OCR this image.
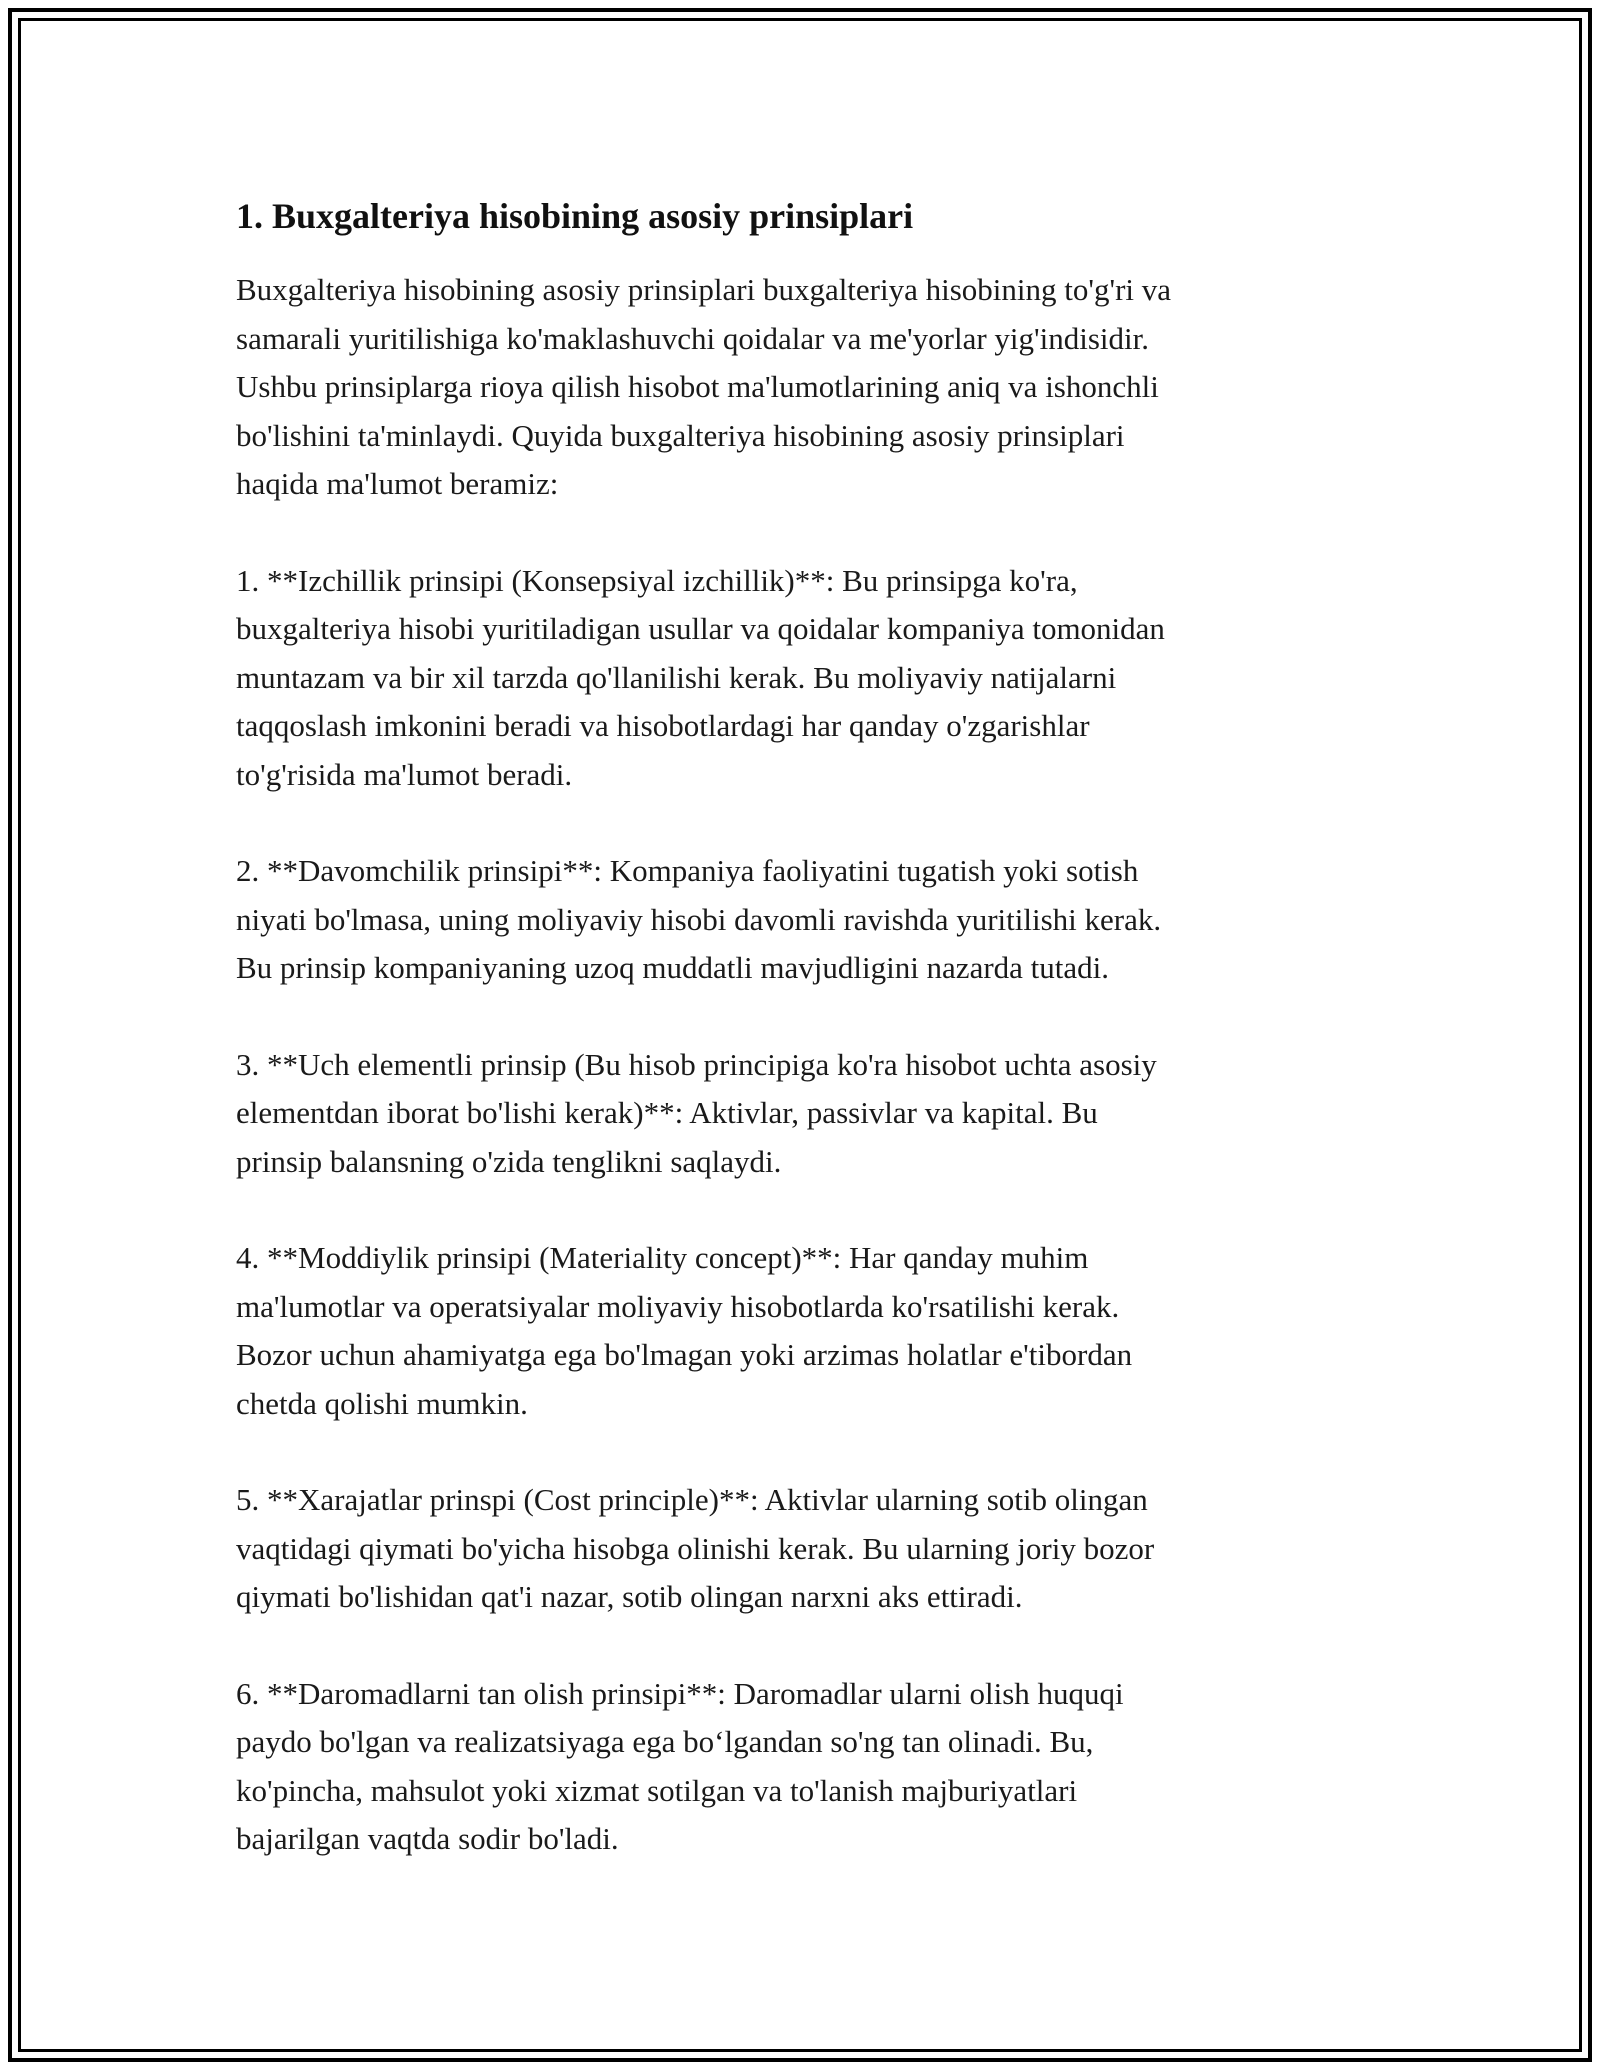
1. Buxgalteriya hisobining asosiy prinsiplari

Buxgalteriya hisobining asosiy prinsiplari buxgalteriya hisobining to'g'ri va
samarali yuritilishiga ko'maklashuvchi qoidalar va me'yorlar yig'indisidir.
Ushbu prinsiplarga rioya qilish hisobot ma'lumotlarining aniq va ishonchli
bo'lishini ta'minlaydi. Quyida buxgalteriya hisobining asosiy prinsiplari
haqida ma'lumot beramiz:

1. **Izchillik prinsipi (Konsepsiyal izchillik)**: Bu prinsipga ko'ra,
buxgalteriya hisobi yuritiladigan usullar va qoidalar kompaniya tomonidan
muntazam va bir xil tarzda qo'llanilishi kerak. Bu moliyaviy natijalarni
taqqoslash imkonini beradi va hisobotlardagi har qanday o'zgarishlar
to'g'risida ma'lumot beradi.

2. **Davomchilik prinsipi**: Kompaniya faoliyatini tugatish yoki sotish
niyati bo'lmasa, uning moliyaviy hisobi davomli ravishda yuritilishi kerak.
Bu prinsip kompaniyaning uzoq muddatli mavjudligini nazarda tutadi.

3. **Uch elementli prinsip (Bu hisob principiga ko'ra hisobot uchta asosiy
elementdan iborat bo'lishi kerak)**: Aktivlar, passivlar va kapital. Bu
prinsip balansning o'zida tenglikni saqlaydi.

4. **Moddiylik prinsipi (Materiality concept)**: Har qanday muhim
ma'lumotlar va operatsiyalar moliyaviy hisobotlarda ko'rsatilishi kerak.
Bozor uchun ahamiyatga ega bo'lmagan yoki arzimas holatlar e'tibordan
chetda qolishi mumkin.

5. **Xarajatlar prinspi (Cost principle)**: Aktivlar ularning sotib olingan
vaqtidagi qiymati bo'yicha hisobga olinishi kerak. Bu ularning joriy bozor
qiymati bo'lishidan qat'i nazar, sotib olingan narxni aks ettiradi.

6. **Daromadlarni tan olish prinsipi**: Daromadlar ularni olish huquqi
paydo bo'lgan va realizatsiyaga ega bo‘lgandan so'ng tan olinadi. Bu,
ko'pincha, mahsulot yoki xizmat sotilgan va to'lanish majburiyatlari
bajarilgan vaqtda sodir bo'ladi.
